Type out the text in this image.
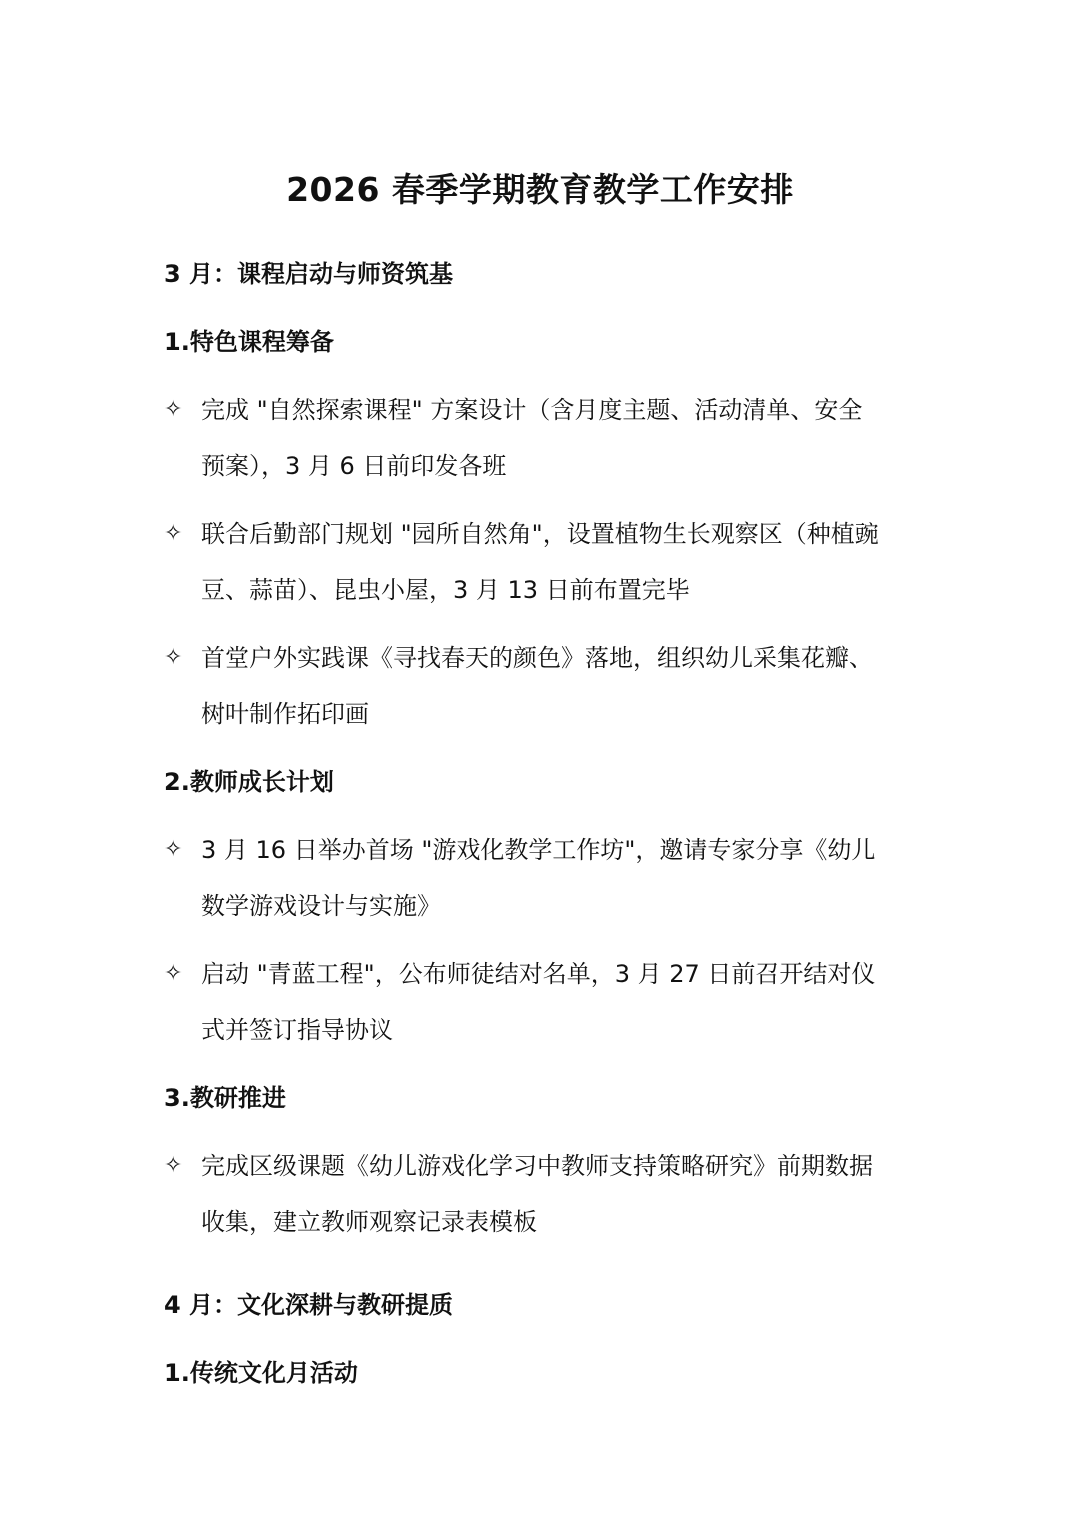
2026 春季学期教育教学工作安排
3 月：课程启动与师资筑基
1.特色课程筹备
✧ 完成 "自然探索课程" 方案设计（含月度主题、活动清单、安全
预案），3 月 6 日前印发各班
✧ 联合后勤部门规划 "园所自然角"，设置植物生长观察区（种植豌
豆、蒜苗）、昆虫小屋，3 月 13 日前布置完毕
✧ 首堂户外实践课《寻找春天的颜色》落地，组织幼儿采集花瓣、
树叶制作拓印画
2.教师成长计划
✧ 3 月 16 日举办首场 "游戏化教学工作坊"，邀请专家分享《幼儿
数学游戏设计与实施》
✧ 启动 "青蓝工程"，公布师徒结对名单，3 月 27 日前召开结对仪
式并签订指导协议
3.教研推进
✧ 完成区级课题《幼儿游戏化学习中教师支持策略研究》前期数据
收集，建立教师观察记录表模板
4 月：文化深耕与教研提质
1.传统文化月活动
